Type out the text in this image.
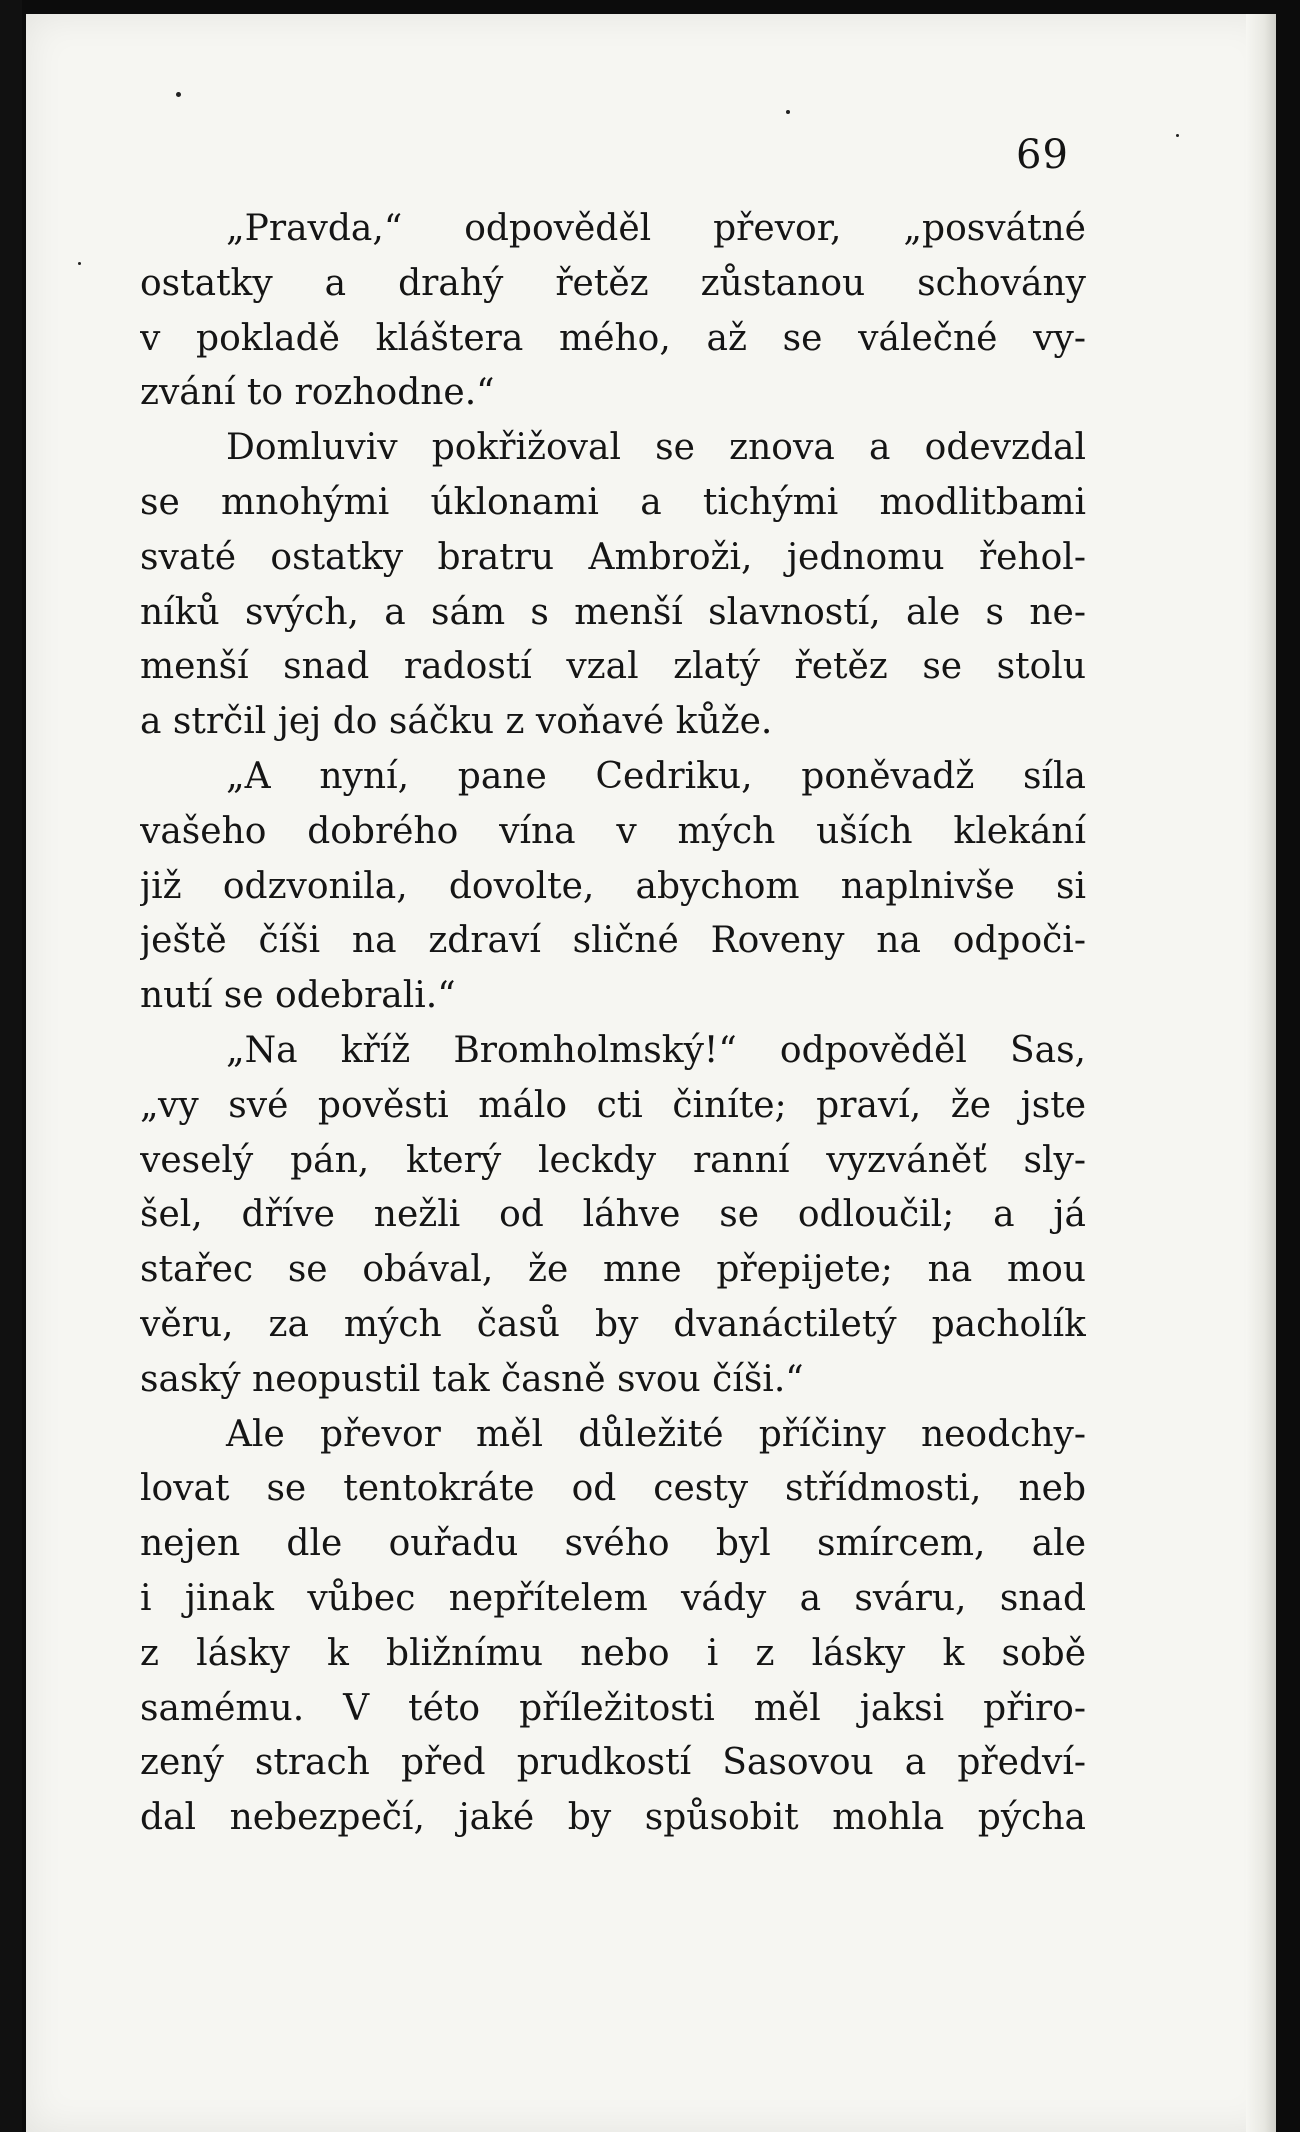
69
„Pravda,“ odpověděl převor, „posvátné
ostatky a drahý řetěz zůstanou schovány
v pokladě kláštera mého, až se válečné vy-
zvání to rozhodne.“
Domluviv pokřižoval se znova a odevzdal
se mnohými úklonami a tichými modlitbami
svaté ostatky bratru Ambroži, jednomu řehol-
níků svých, a sám s menší slavností, ale s ne-
menší snad radostí vzal zlatý řetěz se stolu
a strčil jej do sáčku z voňavé kůže.
„A nyní, pane Cedriku, poněvadž síla
vašeho dobrého vína v mých uších klekání
již odzvonila, dovolte, abychom naplnivše si
ještě číši na zdraví sličné Roveny na odpoči-
nutí se odebrali.“
„Na kříž Bromholmský!“ odpověděl Sas,
„vy své pověsti málo cti činíte; praví, že jste
veselý pán, který leckdy ranní vyzváněť sly-
šel, dříve nežli od láhve se odloučil; a já
stařec se obával, že mne přepijete; na mou
věru, za mých časů by dvanáctiletý pacholík
saský neopustil tak časně svou číši.“
Ale převor měl důležité příčiny neodchy-
lovat se tentokráte od cesty střídmosti, neb
nejen dle ouřadu svého byl smírcem, ale
i jinak vůbec nepřítelem vády a sváru, snad
z lásky k bližnímu nebo i z lásky k sobě
samému. V této příležitosti měl jaksi přiro-
zený strach před prudkostí Sasovou a předví-
dal nebezpečí, jaké by spůsobit mohla pýcha
